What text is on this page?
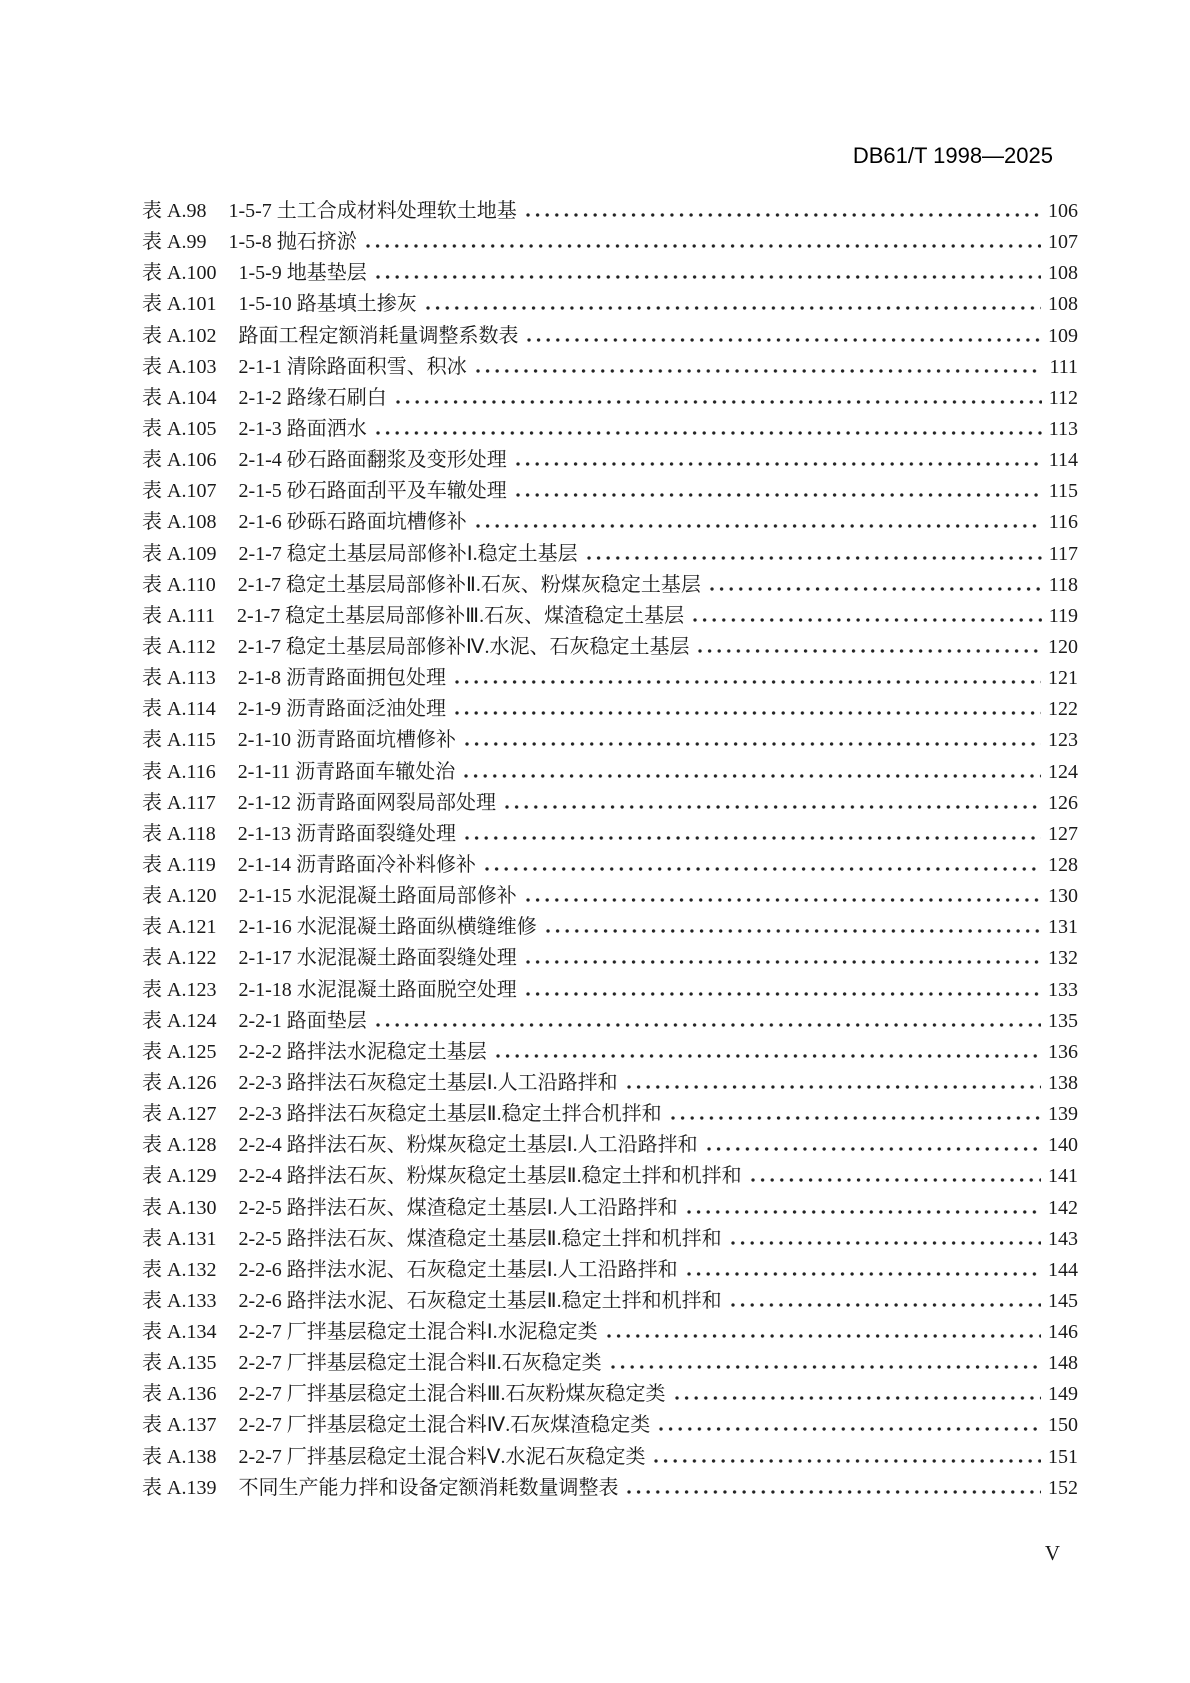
DB61/T 1998—2025
表 A.98 1-5-7 土工合成材料处理软土地基	106
表 A.99 1-5-8 抛石挤淤	107
表 A.100 1-5-9 地基垫层	108
表 A.101 1-5-10 路基填土掺灰	108
表 A.102 路面工程定额消耗量调整系数表	109
表 A.103 2-1-1 清除路面积雪、积冰	111
表 A.104 2-1-2 路缘石刷白	112
表 A.105 2-1-3 路面洒水	113
表 A.106 2-1-4 砂石路面翻浆及变形处理	114
表 A.107 2-1-5 砂石路面刮平及车辙处理	115
表 A.108 2-1-6 砂砾石路面坑槽修补	116
表 A.109 2-1-7 稳定土基层局部修补Ⅰ.稳定土基层	117
表 A.110 2-1-7 稳定土基层局部修补Ⅱ.石灰、粉煤灰稳定土基层	118
表 A.111 2-1-7 稳定土基层局部修补Ⅲ.石灰、煤渣稳定土基层	119
表 A.112 2-1-7 稳定土基层局部修补Ⅳ.水泥、石灰稳定土基层	120
表 A.113 2-1-8 沥青路面拥包处理	121
表 A.114 2-1-9 沥青路面泛油处理	122
表 A.115 2-1-10 沥青路面坑槽修补	123
表 A.116 2-1-11 沥青路面车辙处治	124
表 A.117 2-1-12 沥青路面网裂局部处理	126
表 A.118 2-1-13 沥青路面裂缝处理	127
表 A.119 2-1-14 沥青路面冷补料修补	128
表 A.120 2-1-15 水泥混凝土路面局部修补	130
表 A.121 2-1-16 水泥混凝土路面纵横缝维修	131
表 A.122 2-1-17 水泥混凝土路面裂缝处理	132
表 A.123 2-1-18 水泥混凝土路面脱空处理	133
表 A.124 2-2-1 路面垫层	135
表 A.125 2-2-2 路拌法水泥稳定土基层	136
表 A.126 2-2-3 路拌法石灰稳定土基层Ⅰ.人工沿路拌和	138
表 A.127 2-2-3 路拌法石灰稳定土基层Ⅱ.稳定土拌合机拌和	139
表 A.128 2-2-4 路拌法石灰、粉煤灰稳定土基层Ⅰ.人工沿路拌和	140
表 A.129 2-2-4 路拌法石灰、粉煤灰稳定土基层Ⅱ.稳定土拌和机拌和	141
表 A.130 2-2-5 路拌法石灰、煤渣稳定土基层Ⅰ.人工沿路拌和	142
表 A.131 2-2-5 路拌法石灰、煤渣稳定土基层Ⅱ.稳定土拌和机拌和	143
表 A.132 2-2-6 路拌法水泥、石灰稳定土基层Ⅰ.人工沿路拌和	144
表 A.133 2-2-6 路拌法水泥、石灰稳定土基层Ⅱ.稳定土拌和机拌和	145
表 A.134 2-2-7 厂拌基层稳定土混合料Ⅰ.水泥稳定类	146
表 A.135 2-2-7 厂拌基层稳定土混合料Ⅱ.石灰稳定类	148
表 A.136 2-2-7 厂拌基层稳定土混合料Ⅲ.石灰粉煤灰稳定类	149
表 A.137 2-2-7 厂拌基层稳定土混合料Ⅳ.石灰煤渣稳定类	150
表 A.138 2-2-7 厂拌基层稳定土混合料Ⅴ.水泥石灰稳定类	151
表 A.139 不同生产能力拌和设备定额消耗数量调整表	152
V
